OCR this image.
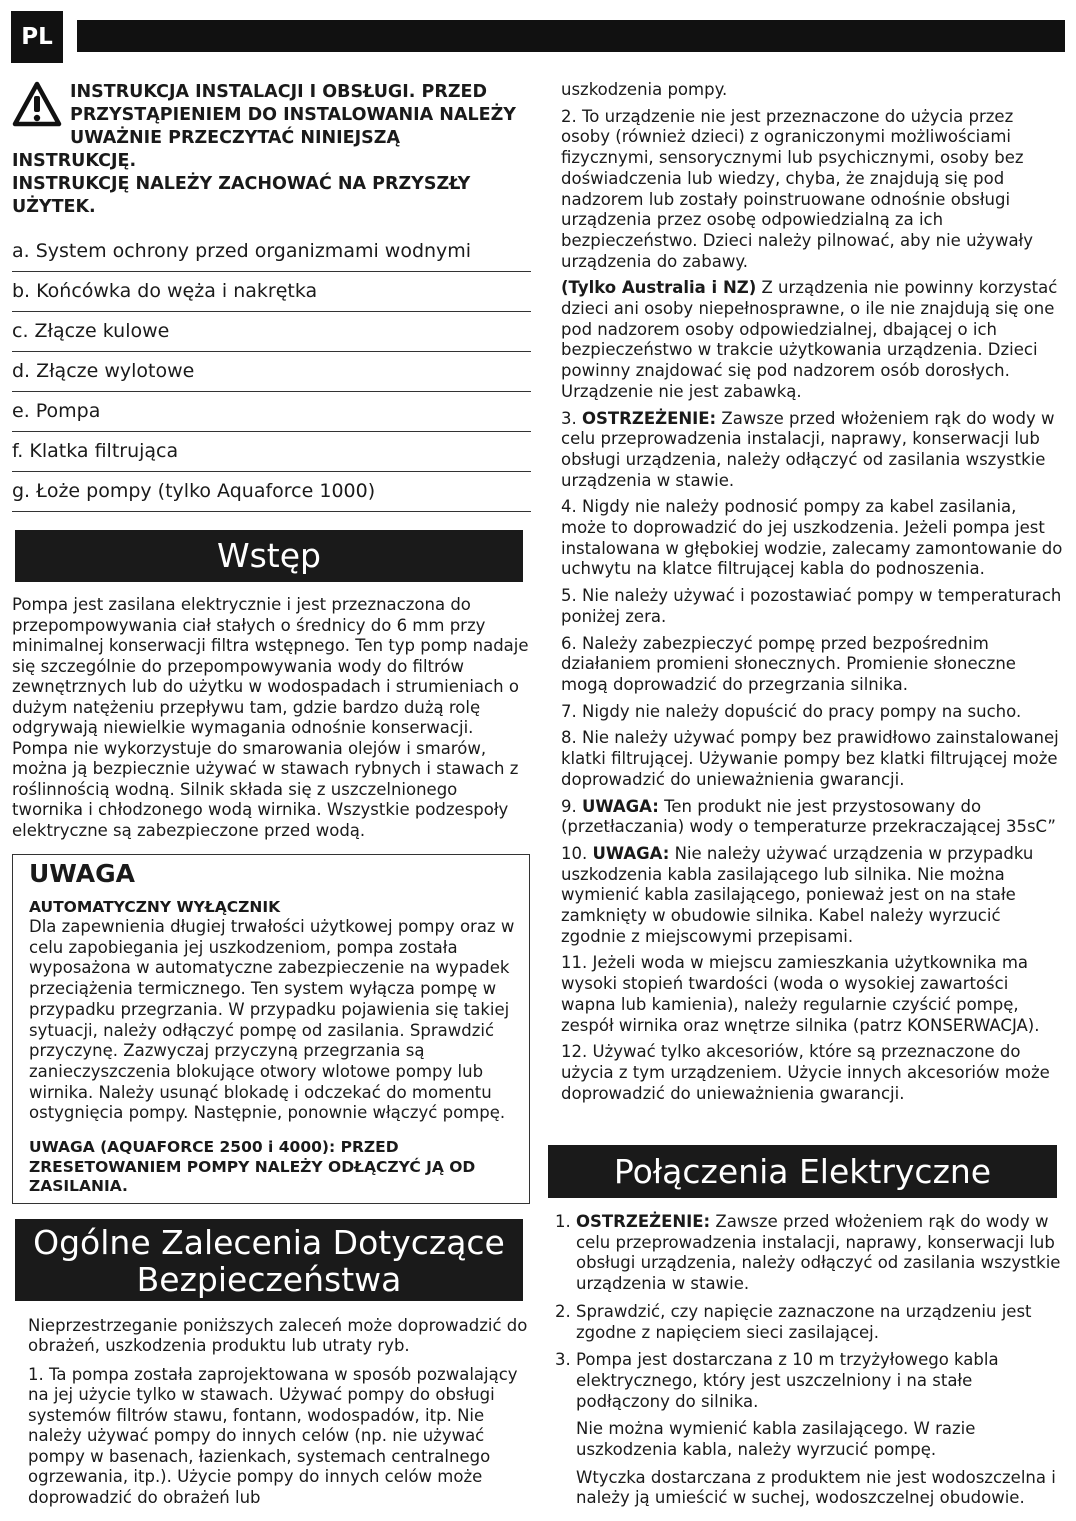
PL
INSTRUKCJA INSTALACJI I OBSŁUGI. PRZED
PRZYSTĄPIENIEM DO INSTALOWANIA NALEŻY
UWAŻNIE PRZECZYTAĆ NINIEJSZĄ
INSTRUKCJĘ.
INSTRUKCJĘ NALEŻY ZACHOWAĆ NA PRZYSZŁY
UŻYTEK.
a. System ochrony przed organizmami wodnymi
b. Końcówka do węża i nakrętka
c. Złącze kulowe
d. Złącze wylotowe
e. Pompa
f. Klatka filtrująca
g. Łoże pompy (tylko Aquaforce 1000)
Wstęp

Pompa jest zasilana elektrycznie i jest przeznaczona do przepompowywania ciał stałych o średnicy do 6 mm przy minimalnej konserwacji filtra wstępnego. Ten typ pomp nadaje się szczególnie do przepompowywania wody do filtrów zewnętrznych lub do użytku w wodospadach i strumieniach o dużym natężeniu przepływu tam, gdzie bardzo dużą rolę odgrywają niewielkie wymagania odnośnie konserwacji. Pompa nie wykorzystuje do smarowania olejów i smarów, można ją bezpiecznie używać w stawach rybnych i stawach z roślinnością wodną. Silnik składa się z uszczelnionego twornika i chłodzonego wodą wirnika. Wszystkie podzespoły elektryczne są zabezpieczone przed wodą.

UWAGA
AUTOMATYCZNY WYŁĄCZNIK

Dla zapewnienia długiej trwałości użytkowej pompy oraz w celu zapobiegania jej uszkodzeniom, pompa została wyposażona w automatyczne zabezpieczenie na wypadek przeciążenia termicznego. Ten system wyłącza pompę w przypadku przegrzania. W przypadku pojawienia się takiej sytuacji, należy odłączyć pompę od zasilania. Sprawdzić przyczynę. Zazwyczaj przyczyną przegrzania są zanieczyszczenia blokujące otwory wlotowe pompy lub wirnika. Należy usunąć blokadę i odczekać do momentu ostygnięcia pompy. Następnie, ponownie włączyć pompę.

UWAGA (AQUAFORCE 2500 i 4000): PRZED ZRESETOWANIEM POMPY NALEŻY ODŁĄCZYĆ JĄ OD ZASILANIA.

Ogólne Zalecenia Dotyczące
Bezpieczeństwa

Nieprzestrzeganie poniższych zaleceń może doprowadzić do obrażeń, uszkodzenia produktu lub utraty ryb.

1. Ta pompa została zaprojektowana w sposób pozwalający na jej użycie tylko w stawach. Używać pompy do obsługi systemów filtrów stawu, fontann, wodospadów, itp. Nie należy używać pompy do innych celów (np. nie używać pompy w basenach, łazienkach, systemach centralnego ogrzewania, itp.). Użycie pompy do innych celów może doprowadzić do obrażeń lub

uszkodzenia pompy.

2. To urządzenie nie jest przeznaczone do użycia przez osoby (również dzieci) z ograniczonymi możliwościami fizycznymi, sensorycznymi lub psychicznymi, osoby bez doświadczenia lub wiedzy, chyba, że znajdują się pod nadzorem lub zostały poinstruowane odnośnie obsługi urządzenia przez osobę odpowiedzialną za ich bezpieczeństwo. Dzieci należy pilnować, aby nie używały urządzenia do zabawy.

(Tylko Australia i NZ) Z urządzenia nie powinny korzystać dzieci ani osoby niepełnosprawne, o ile nie znajdują się one pod nadzorem osoby odpowiedzialnej, dbającej o ich bezpieczeństwo w trakcie użytkowania urządzenia. Dzieci powinny znajdować się pod nadzorem osób dorosłych. Urządzenie nie jest zabawką.

3. OSTRZEŻENIE: Zawsze przed włożeniem rąk do wody w celu przeprowadzenia instalacji, naprawy, konserwacji lub obsługi urządzenia, należy odłączyć od zasilania wszystkie urządzenia w stawie.

4. Nigdy nie należy podnosić pompy za kabel zasilania, może to doprowadzić do jej uszkodzenia. Jeżeli pompa jest instalowana w głębokiej wodzie, zalecamy zamontowanie do uchwytu na klatce filtrującej kabla do podnoszenia.

5. Nie należy używać i pozostawiać pompy w temperaturach poniżej zera.

6. Należy zabezpieczyć pompę przed bezpośrednim działaniem promieni słonecznych. Promienie słoneczne mogą doprowadzić do przegrzania silnika.

7. Nigdy nie należy dopuścić do pracy pompy na sucho.

8. Nie należy używać pompy bez prawidłowo zainstalowanej klatki filtrującej. Używanie pompy bez klatki filtrującej może doprowadzić do unieważnienia gwarancji.

9. UWAGA: Ten produkt nie jest przystosowany do (przetłaczania) wody o temperaturze przekraczającej 35sC”

10. UWAGA: Nie należy używać urządzenia w przypadku uszkodzenia kabla zasilającego lub silnika. Nie można wymienić kabla zasilającego, ponieważ jest on na stałe zamknięty w obudowie silnika. Kabel należy wyrzucić zgodnie z miejscowymi przepisami.

11. Jeżeli woda w miejscu zamieszkania użytkownika ma wysoki stopień twardości (woda o wysokiej zawartości wapna lub kamienia), należy regularnie czyścić pompę, zespół wirnika oraz wnętrze silnika (patrz KONSERWACJA).

12. Używać tylko akcesoriów, które są przeznaczone do użycia z tym urządzeniem. Użycie innych akcesoriów może doprowadzić do unieważnienia gwarancji.

Połączenia Elektryczne

1. OSTRZEŻENIE: Zawsze przed włożeniem rąk do wody w celu przeprowadzenia instalacji, naprawy, konserwacji lub obsługi urządzenia, należy odłączyć od zasilania wszystkie urządzenia w stawie.

2. Sprawdzić, czy napięcie zaznaczone na urządzeniu jest zgodne z napięciem sieci zasilającej.

3. Pompa jest dostarczana z 10 m trzyżyłowego kabla elektrycznego, który jest uszczelniony i na stałe podłączony do silnika.

Nie można wymienić kabla zasilającego. W razie uszkodzenia kabla, należy wyrzucić pompę.

Wtyczka dostarczana z produktem nie jest wodoszczelna i należy ją umieścić w suchej, wodoszczelnej obudowie.
